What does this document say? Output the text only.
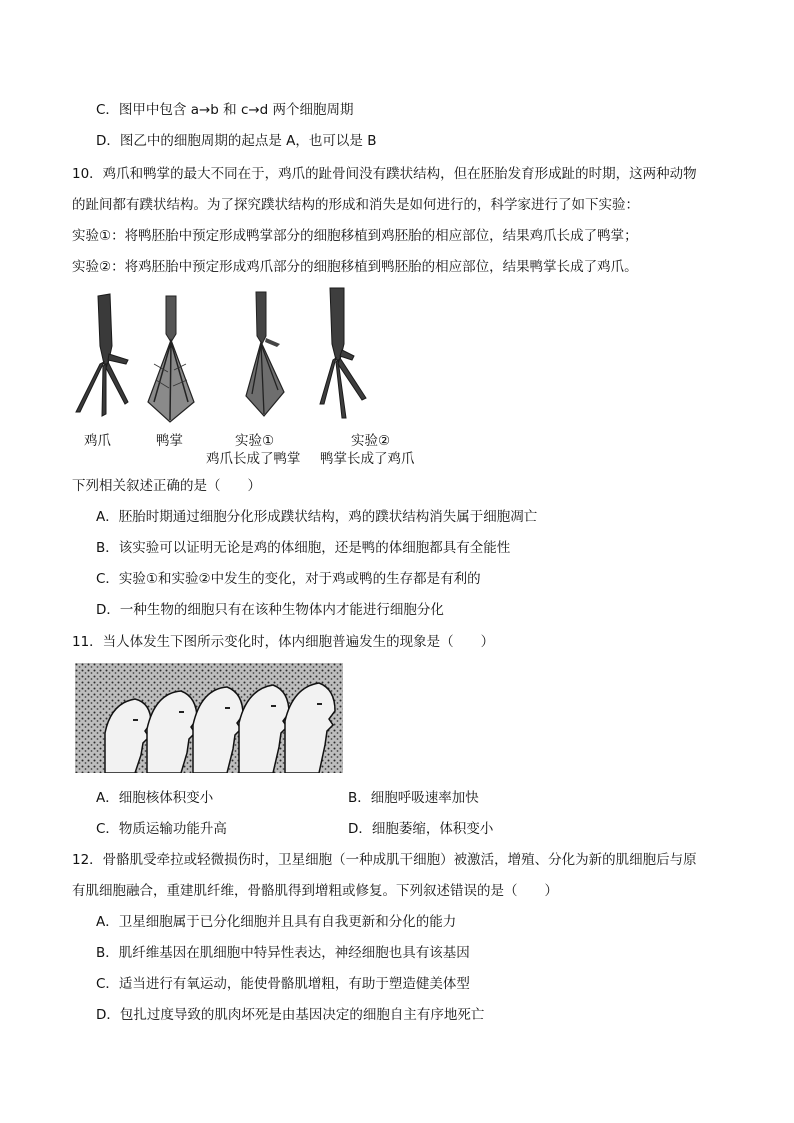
C．图甲中包含 a→b 和 c→d 两个细胞周期
D．图乙中的细胞周期的起点是 A，也可以是 B
10．鸡爪和鸭掌的最大不同在于，鸡爪的趾骨间没有蹼状结构，但在胚胎发育形成趾的时期，这两种动物
的趾间都有蹼状结构。为了探究蹼状结构的形成和消失是如何进行的，科学家进行了如下实验：
实验①：将鸭胚胎中预定形成鸭掌部分的细胞移植到鸡胚胎的相应部位，结果鸡爪长成了鸭掌；
实验②：将鸡胚胎中预定形成鸡爪部分的细胞移植到鸭胚胎的相应部位，结果鸭掌长成了鸡爪。
鸡爪	鸭掌	实验①
鸡爪长成了鸭掌
实验②
鸭掌长成了鸡爪
下列相关叙述正确的是（　　）
A．胚胎时期通过细胞分化形成蹼状结构，鸡的蹼状结构消失属于细胞凋亡
B．该实验可以证明无论是鸡的体细胞，还是鸭的体细胞都具有全能性
C．实验①和实验②中发生的变化，对于鸡或鸭的生存都是有利的
D．一种生物的细胞只有在该种生物体内才能进行细胞分化
11．当人体发生下图所示变化时，体内细胞普遍发生的现象是（　　）
A．细胞核体积变小	B．细胞呼吸速率加快
C．物质运输功能升高	D．细胞萎缩，体积变小
12．骨骼肌受牵拉或轻微损伤时，卫星细胞（一种成肌干细胞）被激活，增殖、分化为新的肌细胞后与原
有肌细胞融合，重建肌纤维，骨骼肌得到增粗或修复。下列叙述错误的是（　　）
A．卫星细胞属于已分化细胞并且具有自我更新和分化的能力
B．肌纤维基因在肌细胞中特异性表达，神经细胞也具有该基因
C．适当进行有氧运动，能使骨骼肌增粗，有助于塑造健美体型
D．包扎过度导致的肌肉坏死是由基因决定的细胞自主有序地死亡
